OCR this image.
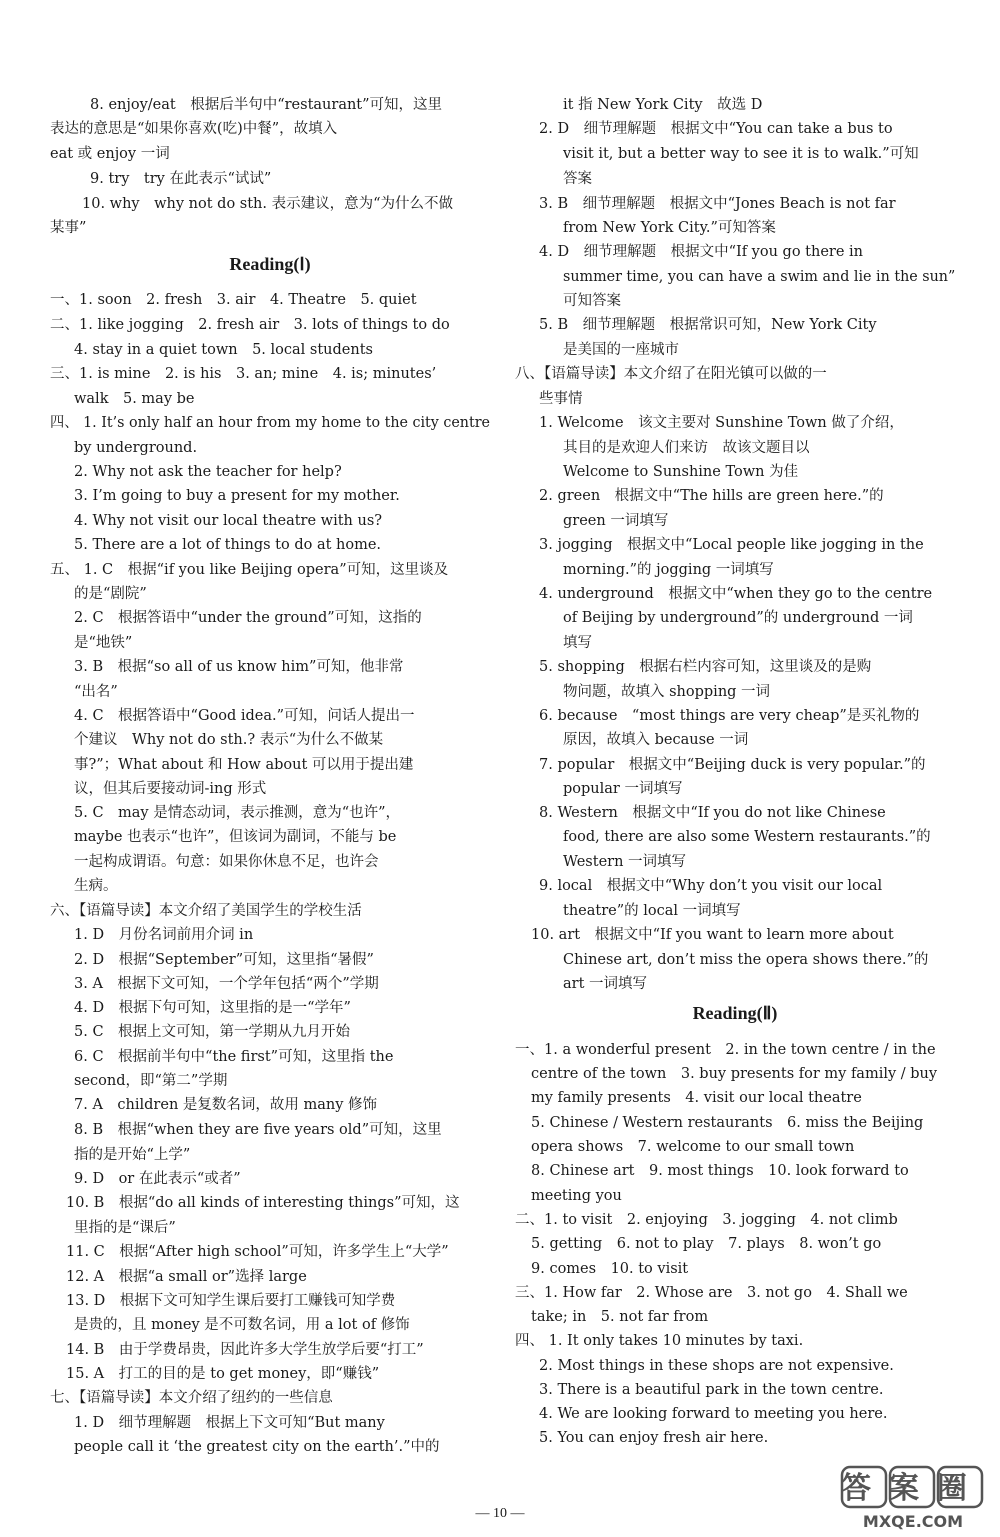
Reading(Ⅰ)
8. enjoy/eat　根据后半句中“restaurant”可知，这里
表达的意思是“如果你喜欢(吃)中餐”，故填入
eat 或 enjoy 一词
9. try　try 在此表示“试试”
10. why　why not do sth. 表示建议，意为“为什么不做
某事”
一、1. soon　2. fresh　3. air　4. Theatre　5. quiet
二、1. like jogging　2. fresh air　3. lots of things to do
4. stay in a quiet town　5. local students
三、1. is mine　2. is his　3. an; mine　4. is; minutes’
walk　5. may be
四、 1. It’s only half an hour from my home to the city centre
by underground.
2. Why not ask the teacher for help?
3. I’m going to buy a present for my mother.
4. Why not visit our local theatre with us?
5. There are a lot of things to do at home.
五、 1. C　根据“if you like Beijing opera”可知，这里谈及
的是“剧院”
2. C　根据答语中“under the ground”可知，这指的
是“地铁”
3. B　根据“so all of us know him”可知，他非常
“出名”
4. C　根据答语中“Good idea.”可知，问话人提出一
个建议　Why not do sth.? 表示“为什么不做某
事?”；What about 和 How about 可以用于提出建
议，但其后要接动词-ing 形式
5. C　may 是情态动词，表示推测，意为“也许”，
maybe 也表示“也许”，但该词为副词，不能与 be
一起构成谓语。句意：如果你休息不足，也许会
生病。
六、【语篇导读】本文介绍了美国学生的学校生活
1. D　月份名词前用介词 in
2. D　根据“September”可知，这里指“暑假”
3. A　根据下文可知，一个学年包括“两个”学期
4. D　根据下句可知，这里指的是一“学年”
5. C　根据上文可知，第一学期从九月开始
6. C　根据前半句中“the first”可知，这里指 the
second，即“第二”学期
7. A　children 是复数名词，故用 many 修饰
8. B　根据“when they are five years old”可知，这里
指的是开始“上学”
9. D　or 在此表示“或者”
10. B　根据“do all kinds of interesting things”可知，这
里指的是“课后”
11. C　根据“After high school”可知，许多学生上“大学”
12. A　根据“a small or”选择 large
13. D　根据下文可知学生课后要打工赚钱可知学费
是贵的，且 money 是不可数名词，用 a lot of 修饰
14. B　由于学费昂贵，因此许多大学生放学后要“打工”
15. A　打工的目的是 to get money，即“赚钱”
七、【语篇导读】本文介绍了纽约的一些信息
1. D　细节理解题　根据上下文可知“But many
people call it ‘the greatest city on the earth’.”中的
Reading(Ⅱ)
it 指 New York City　故选 D
2. D　细节理解题　根据文中“You can take a bus to
visit it, but a better way to see it is to walk.”可知
答案
3. B　细节理解题　根据文中“Jones Beach is not far
from New York City.”可知答案
4. D　细节理解题　根据文中“If you go there in
summer time, you can have a swim and lie in the sun”
可知答案
5. B　细节理解题　根据常识可知，New York City
是美国的一座城市
八、【语篇导读】本文介绍了在阳光镇可以做的一
些事情
1. Welcome　该文主要对 Sunshine Town 做了介绍，
其目的是欢迎人们来访　故该文题目以
Welcome to Sunshine Town 为佳
2. green　根据文中“The hills are green here.”的
green 一词填写
3. jogging　根据文中“Local people like jogging in the
morning.”的 jogging 一词填写
4. underground　根据文中“when they go to the centre
of Beijing by underground”的 underground 一词
填写
5. shopping　根据右栏内容可知，这里谈及的是购
物问题，故填入 shopping 一词
6. because　“most things are very cheap”是买礼物的
原因，故填入 because 一词
7. popular　根据文中“Beijing duck is very popular.”的
popular 一词填写
8. Western　根据文中“If you do not like Chinese
food, there are also some Western restaurants.”的
Western 一词填写
9. local　根据文中“Why don’t you visit our local
theatre”的 local 一词填写
10. art　根据文中“If you want to learn more about
Chinese art, don’t miss the opera shows there.”的
art 一词填写
一、1. a wonderful present　2. in the town centre / in the
centre of the town　3. buy presents for my family / buy
my family presents　4. visit our local theatre
5. Chinese / Western restaurants　6. miss the Beijing
opera shows　7. welcome to our small town
8. Chinese art　9. most things　10. look forward to
meeting you
二、1. to visit　2. enjoying　3. jogging　4. not climb
5. getting　6. not to play　7. plays　8. won’t go
9. comes　10. to visit
三、1. How far　2. Whose are　3. not go　4. Shall we
take; in　5. not far from
四、 1. It only takes 10 minutes by taxi.
2. Most things in these shops are not expensive.
3. There is a beautiful park in the town centre.
4. We are looking forward to meeting you here.
5. You can enjoy fresh air here.
— 10 —
答案圈
MXQE.COM
